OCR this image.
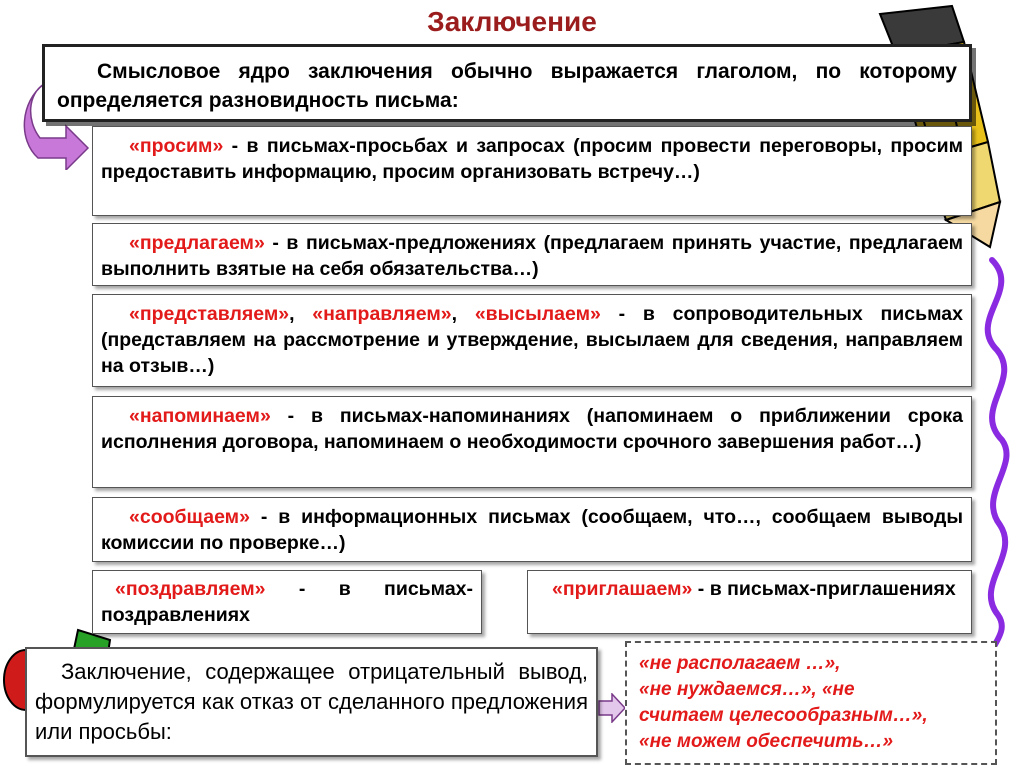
Заключение
Смысловое ядро заключения обычно выражается глаголом, по которому определяется разновидность письма:
«просим» - в письмах-просьбах и запросах (просим провести переговоры, просим предоставить информацию, просим организовать встречу…)
«предлагаем» - в письмах-предложениях (предлагаем принять участие, предлагаем выполнить взятые на себя обязательства…)
«представляем», «направляем», «высылаем» - в сопроводительных письмах (представляем на рассмотрение и утверждение, высылаем для сведения, направляем на отзыв…)
«напоминаем» - в письмах-напоминаниях (напоминаем о приближении срока исполнения договора, напоминаем о необходимости срочного завершения работ…)
«сообщаем» - в информационных письмах (сообщаем, что…, сообщаем выводы комиссии по проверке…)
«поздравляем» - в письмах-поздравлениях
«приглашаем» - в письмах-приглашениях
Заключение, содержащее отрицательный вывод, формулируется как отказ от сделанного предложения или просьбы:
«не располагаем …»,
«не нуждаемся…», «не
считаем целесообразным…»,
«не можем обеспечить…»
